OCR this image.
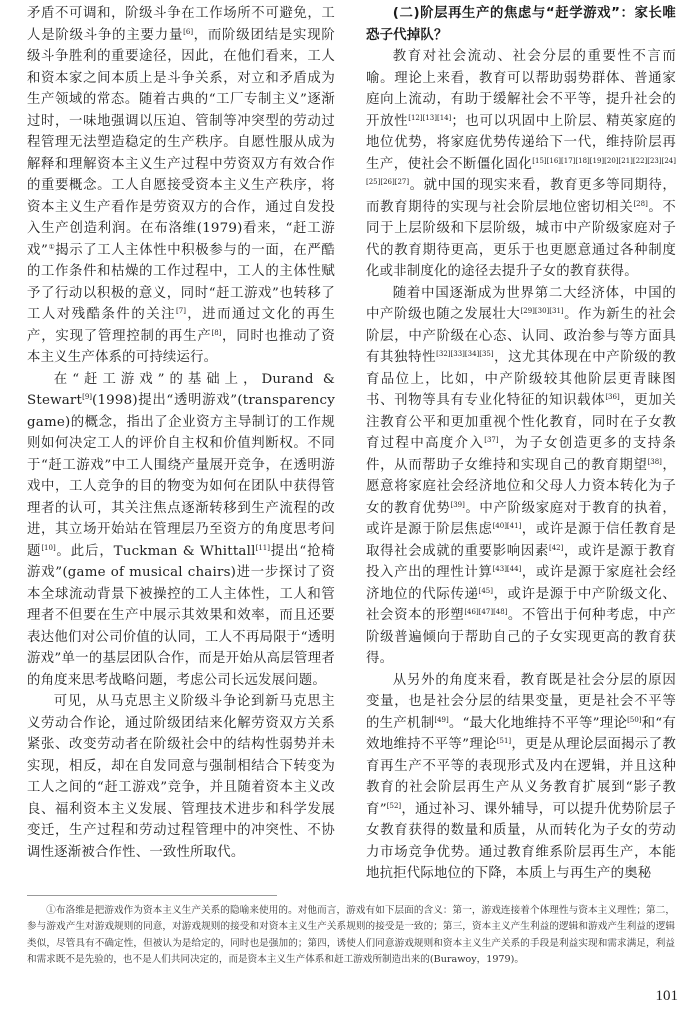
矛盾不可调和，阶级斗争在工作场所不可避免，工人是阶级斗争的主要力量[6]，而阶级团结是实现阶级斗争胜利的重要途径，因此，在他们看来，工人和资本家之间本质上是斗争关系，对立和矛盾成为生产领域的常态。随着古典的“工厂专制主义”逐渐过时，一味地强调以压迫、管制等冲突型的劳动过程管理无法塑造稳定的生产秩序。自愿性服从成为解释和理解资本主义生产过程中劳资双方有效合作的重要概念。工人自愿接受资本主义生产秩序，将资本主义生产看作是劳资双方的合作，通过自发投入生产创造利润。在布洛维(1979)看来，“赶工游戏”①揭示了工人主体性中积极参与的一面，在严酷的工作条件和枯燥的工作过程中，工人的主体性赋予了行动以积极的意义，同时“赶工游戏”也转移了工人对残酷条件的关注[7]，进而通过文化的再生产，实现了管理控制的再生产[8]，同时也推动了资本主义生产体系的可持续运行。

在“赶工游戏”的基础上，Durand & Stewart[9](1998)提出“透明游戏”(transparency game)的概念，指出了企业资方主导制订的工作规则如何决定工人的评价自主权和价值判断权。不同于“赶工游戏”中工人围绕产量展开竞争，在透明游戏中，工人竞争的目的物变为如何在团队中获得管理者的认可，其关注焦点逐渐转移到生产流程的改进，其立场开始站在管理层乃至资方的角度思考问题[10]。此后，Tuckman & Whittall[11]提出“抢椅游戏”(game of musical chairs)进一步探讨了资本全球流动背景下被操控的工人主体性，工人和管理者不但要在生产中展示其效果和效率，而且还要表达他们对公司价值的认同，工人不再局限于“透明游戏”单一的基层团队合作，而是开始从高层管理者的角度来思考战略问题，考虑公司长远发展问题。

可见，从马克思主义阶级斗争论到新马克思主义劳动合作论，通过阶级团结来化解劳资双方关系紧张、改变劳动者在阶级社会中的结构性弱势并未实现，相反，却在自发同意与强制相结合下转变为工人之间的“赶工游戏”竞争，并且随着资本主义改良、福利资本主义发展、管理技术进步和科学发展变迁，生产过程和劳动过程管理中的冲突性、不协调性逐渐被合作性、一致性所取代。

(二)阶层再生产的焦虑与“赶学游戏”：家长唯恐子代掉队？

教育对社会流动、社会分层的重要性不言而喻。理论上来看，教育可以帮助弱势群体、普通家庭向上流动，有助于缓解社会不平等，提升社会的开放性[12][13][14]；也可以巩固中上阶层、精英家庭的地位优势，将家庭优势传递给下一代，维持阶层再生产，使社会不断僵化固化[15][16][17][18][19][20][21][22][23][24][25][26][27]。就中国的现实来看，教育更多等同期待，而教育期待的实现与社会阶层地位密切相关[28]。不同于上层阶级和下层阶级，城市中产阶级家庭对子代的教育期待更高，更乐于也更愿意通过各种制度化或非制度化的途径去提升子女的教育获得。

随着中国逐渐成为世界第二大经济体，中国的中产阶级也随之发展壮大[29][30][31]。作为新生的社会阶层，中产阶级在心态、认同、政治参与等方面具有其独特性[32][33][34][35]，这尤其体现在中产阶级的教育品位上，比如，中产阶级较其他阶层更青睐图书、刊物等具有专业化特征的知识载体[36]，更加关注教育公平和更加重视个性化教育，同时在子女教育过程中高度介入[37]，为子女创造更多的支持条件，从而帮助子女维持和实现自己的教育期望[38]，愿意将家庭社会经济地位和父母人力资本转化为子女的教育优势[39]。中产阶级家庭对于教育的执着，或许是源于阶层焦虑[40][41]，或许是源于信任教育是取得社会成就的重要影响因素[42]，或许是源于教育投入产出的理性计算[43][44]，或许是源于家庭社会经济地位的代际传递[45]，或许是源于中产阶级文化、社会资本的形塑[46][47][48]。不管出于何种考虑，中产阶级普遍倾向于帮助自己的子女实现更高的教育获得。

从另外的角度来看，教育既是社会分层的原因变量，也是社会分层的结果变量，更是社会不平等的生产机制[49]。“最大化地维持不平等”理论[50]和“有效地维持不平等”理论[51]，更是从理论层面揭示了教育再生产不平等的表现形式及内在逻辑，并且这种教育的社会阶层再生产从义务教育扩展到“影子教育”[52]，通过补习、课外辅导，可以提升优势阶层子女教育获得的数量和质量，从而转化为子女的劳动力市场竞争优势。通过教育维系阶层再生产，本能地抗拒代际地位的下降，本质上与再生产的奥秘

①布洛维是把游戏作为资本主义生产关系的隐喻来使用的。对他而言，游戏有如下层面的含义：第一，游戏连接着个体理性与资本主义理性；第二，参与游戏产生对游戏规则的同意，对游戏规则的接受和对资本主义生产关系规则的接受是一致的；第三，资本主义产生利益的逻辑和游戏产生利益的逻辑类似，尽管具有不确定性，但被认为是给定的，同时也是强加的；第四，诱使人们同意游戏规则和资本主义生产关系的手段是利益实现和需求满足，利益和需求既不是先验的，也不是人们共同决定的，而是资本主义生产体系和赶工游戏所制造出来的(Burawoy，1979)。

101
